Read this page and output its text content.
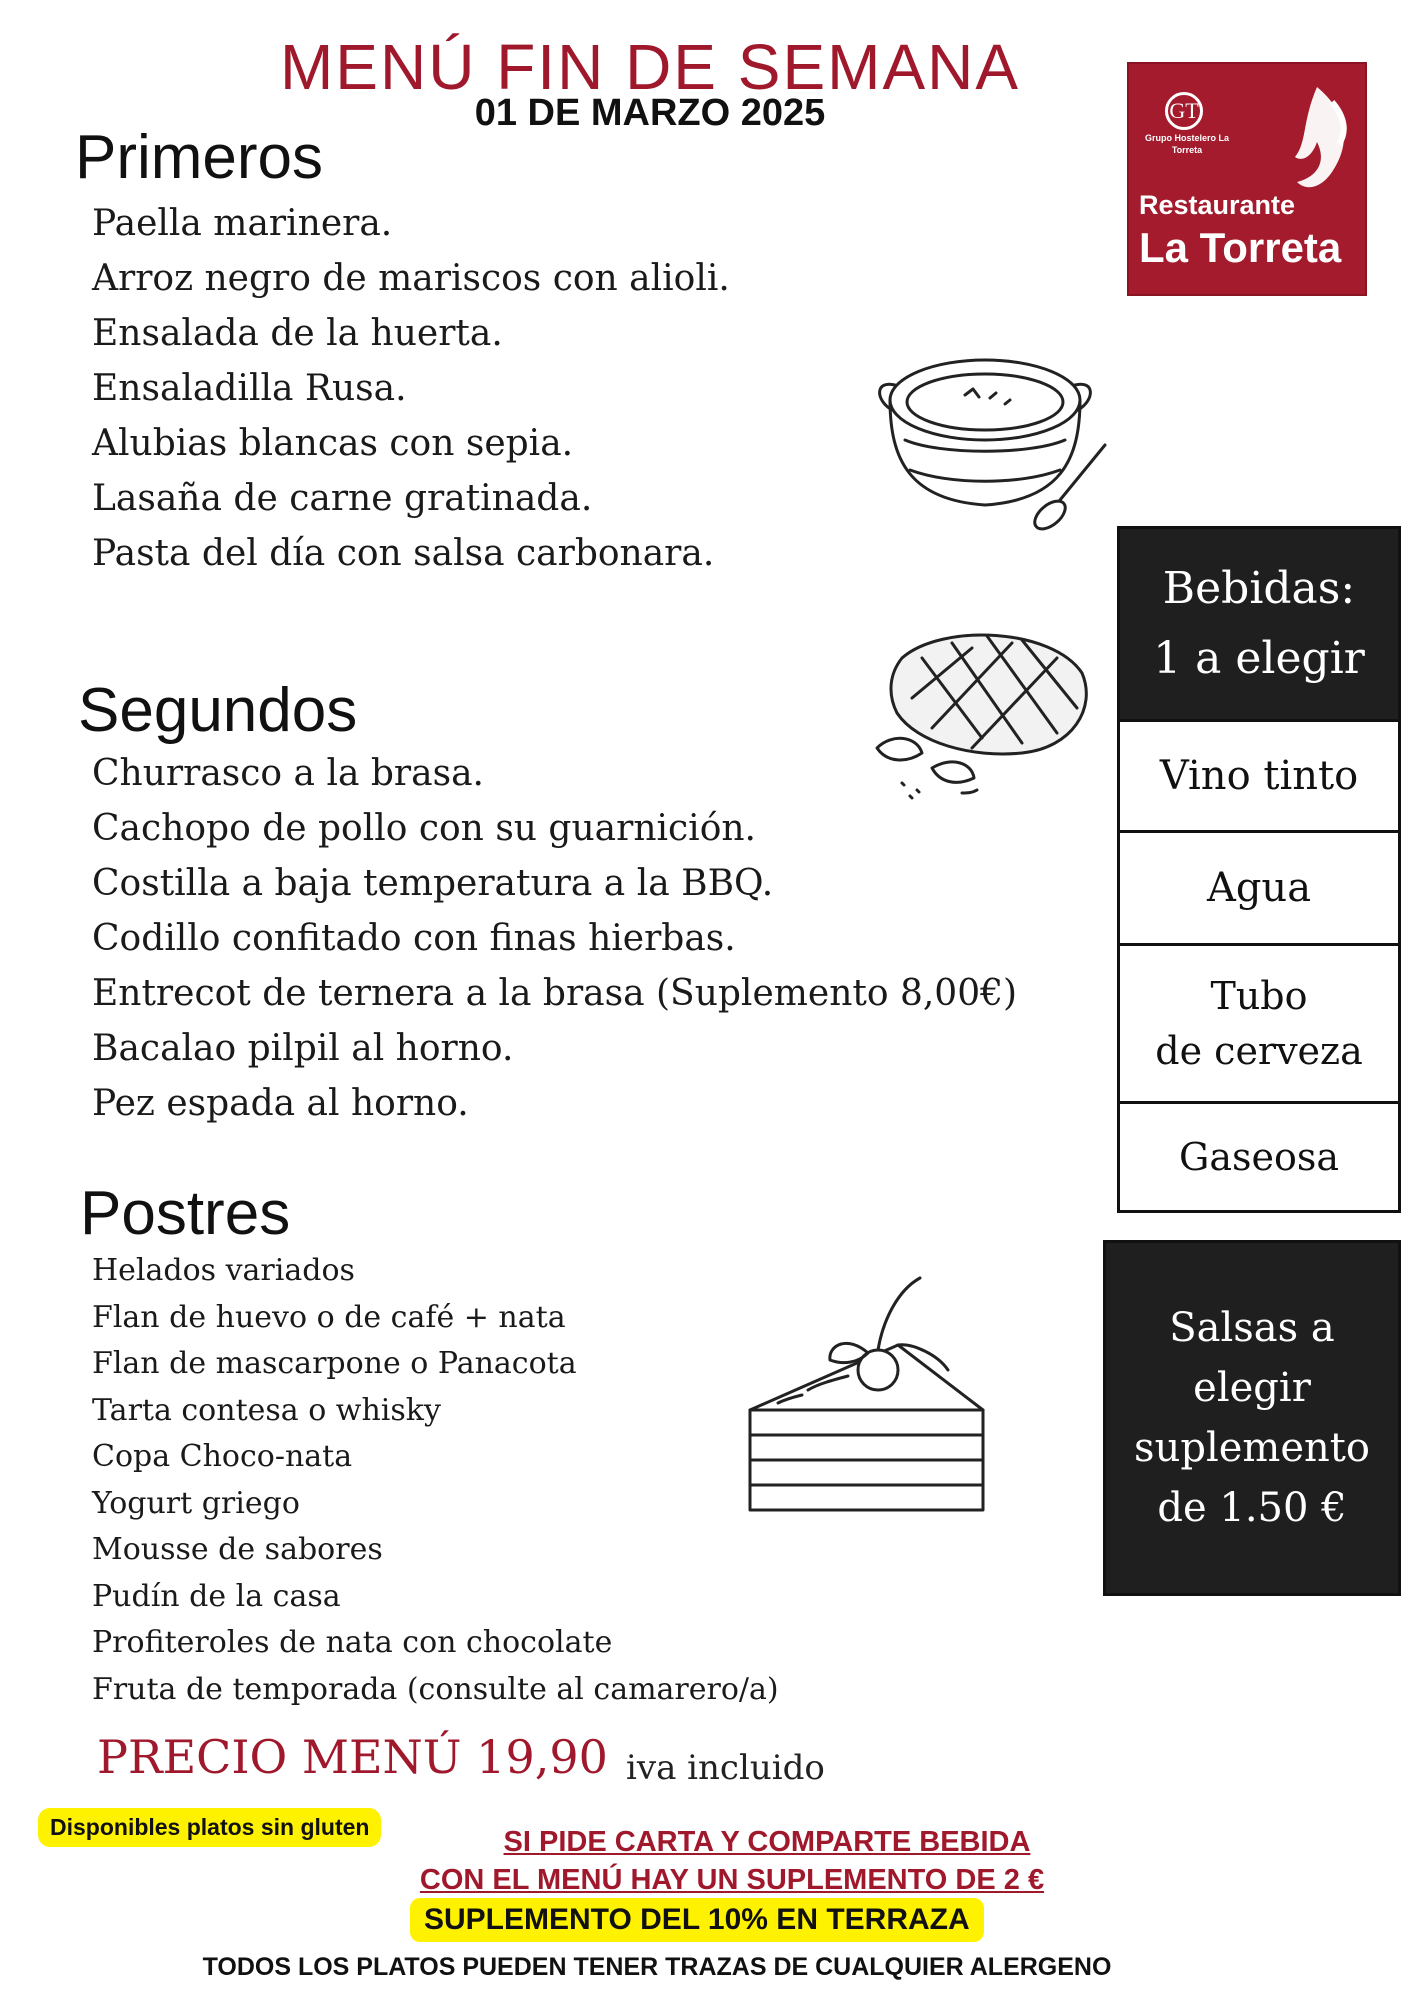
MENÚ FIN DE SEMANA
01 DE MARZO 2025	GT
Grupo Hostelero La Torreta
Restaurante
La Torreta
Primeros
Paella marinera.
Arroz negro de mariscos con alioli.
Ensalada de la huerta.
Ensaladilla Rusa.
Alubias blancas con sepia.
Lasaña de carne gratinada.
Pasta del día con salsa carbonara.
Segundos
Churrasco a la brasa.
Cachopo de pollo con su guarnición.
Costilla a baja temperatura a la BBQ.
Codillo confitado con finas hierbas.
Entrecot de ternera a la brasa (Suplemento 8,00€)
Bacalao pilpil al horno.
Pez espada al horno.
Postres
Helados variados
Flan de huevo o de café + nata
Flan de mascarpone o Panacota
Tarta contesa o whisky
Copa Choco-nata
Yogurt griego
Mousse de sabores
Pudín de la casa
Profiteroles de nata con chocolate
Fruta de temporada (consulte al camarero/a)
Bebidas:
1 a elegir
Vino tinto
Agua
Tubo
de cerveza
Gaseosa
Salsas a elegir suplemento de 1.50 €
PRECIO MENÚ 19,90 iva incluido
Disponibles platos sin gluten	SI PIDE CARTA Y COMPARTE BEBIDA
CON EL MENÚ HAY UN SUPLEMENTO DE 2 €
SUPLEMENTO DEL 10% EN TERRAZA
TODOS LOS PLATOS PUEDEN TENER TRAZAS DE CUALQUIER ALERGENO
